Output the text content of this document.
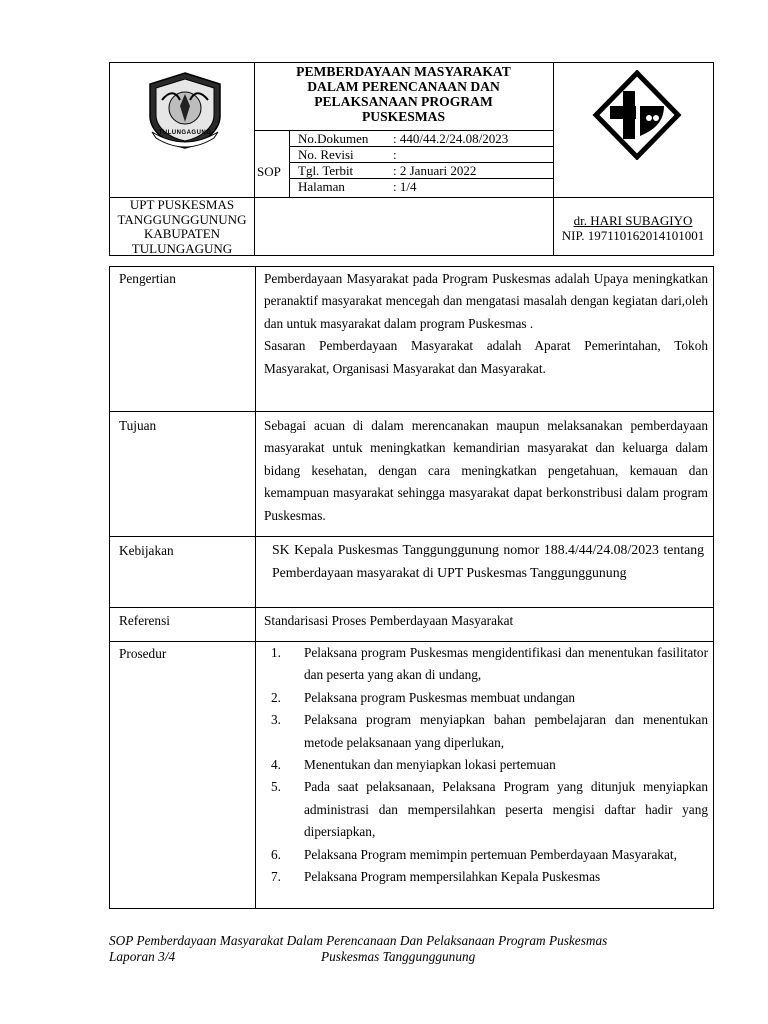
TULUNGAGUNG
PEMBERDAYAAN MASYARAKAT
DALAM PERENCANAAN DAN
PELAKSANAAN PROGRAM
PUSKESMAS
SOP
No.Dokumen : 440/44.2/24.08/2023
No. Revisi	:
Tgl. Terbit	: 2 Januari 2022
Halaman	: 1/4
UPT PUSKESMAS
TANGGUNGGUNUNG
KABUPATEN
TULUNGAGUNG
dr. HARI SUBAGIYO
NIP. 197110162014101001
Pengertian	Pemberdayaan Masyarakat pada Program Puskesmas adalah Upaya meningkatkan peranaktif masyarakat mencegah dan mengatasi masalah dengan kegiatan dari,oleh dan untuk masyarakat dalam program Puskesmas .

Sasaran Pemberdayaan Masyarakat adalah Aparat Pemerintahan, Tokoh Masyarakat, Organisasi Masyarakat dan Masyarakat.

Tujuan	Sebagai acuan di dalam merencanakan maupun melaksanakan pemberdayaan masyarakat untuk meningkatkan kemandirian masyarakat dan keluarga dalam bidang kesehatan, dengan cara meningkatkan pengetahuan, kemauan dan kemampuan masyarakat sehingga masyarakat dapat berkonstribusi dalam program Puskesmas.
Kebijakan	SK Kepala Puskesmas Tanggunggunung nomor 188.4/44/24.08/2023 tentang Pemberdayaan masyarakat di UPT Puskesmas Tanggunggunung
Referensi	Standarisasi Proses Pemberdayaan Masyarakat
Prosedur	1. Pelaksana program Puskesmas mengidentifikasi dan menentukan fasilitator dan peserta yang akan di undang,
2. Pelaksana program Puskesmas membuat undangan
3. Pelaksana program menyiapkan bahan pembelajaran dan menentukan metode pelaksanaan yang diperlukan,
4. Menentukan dan menyiapkan lokasi pertemuan
5. Pada saat pelaksanaan, Pelaksana Program yang ditunjuk menyiapkan administrasi dan mempersilahkan peserta mengisi daftar hadir yang dipersiapkan,
6. Pelaksana Program memimpin pertemuan Pemberdayaan Masyarakat,
7. Pelaksana Program mempersilahkan Kepala Puskesmas
SOP Pemberdayaan Masyarakat Dalam Perencanaan Dan Pelaksanaan Program Puskesmas
Laporan 3/4	Puskesmas Tanggunggunung
